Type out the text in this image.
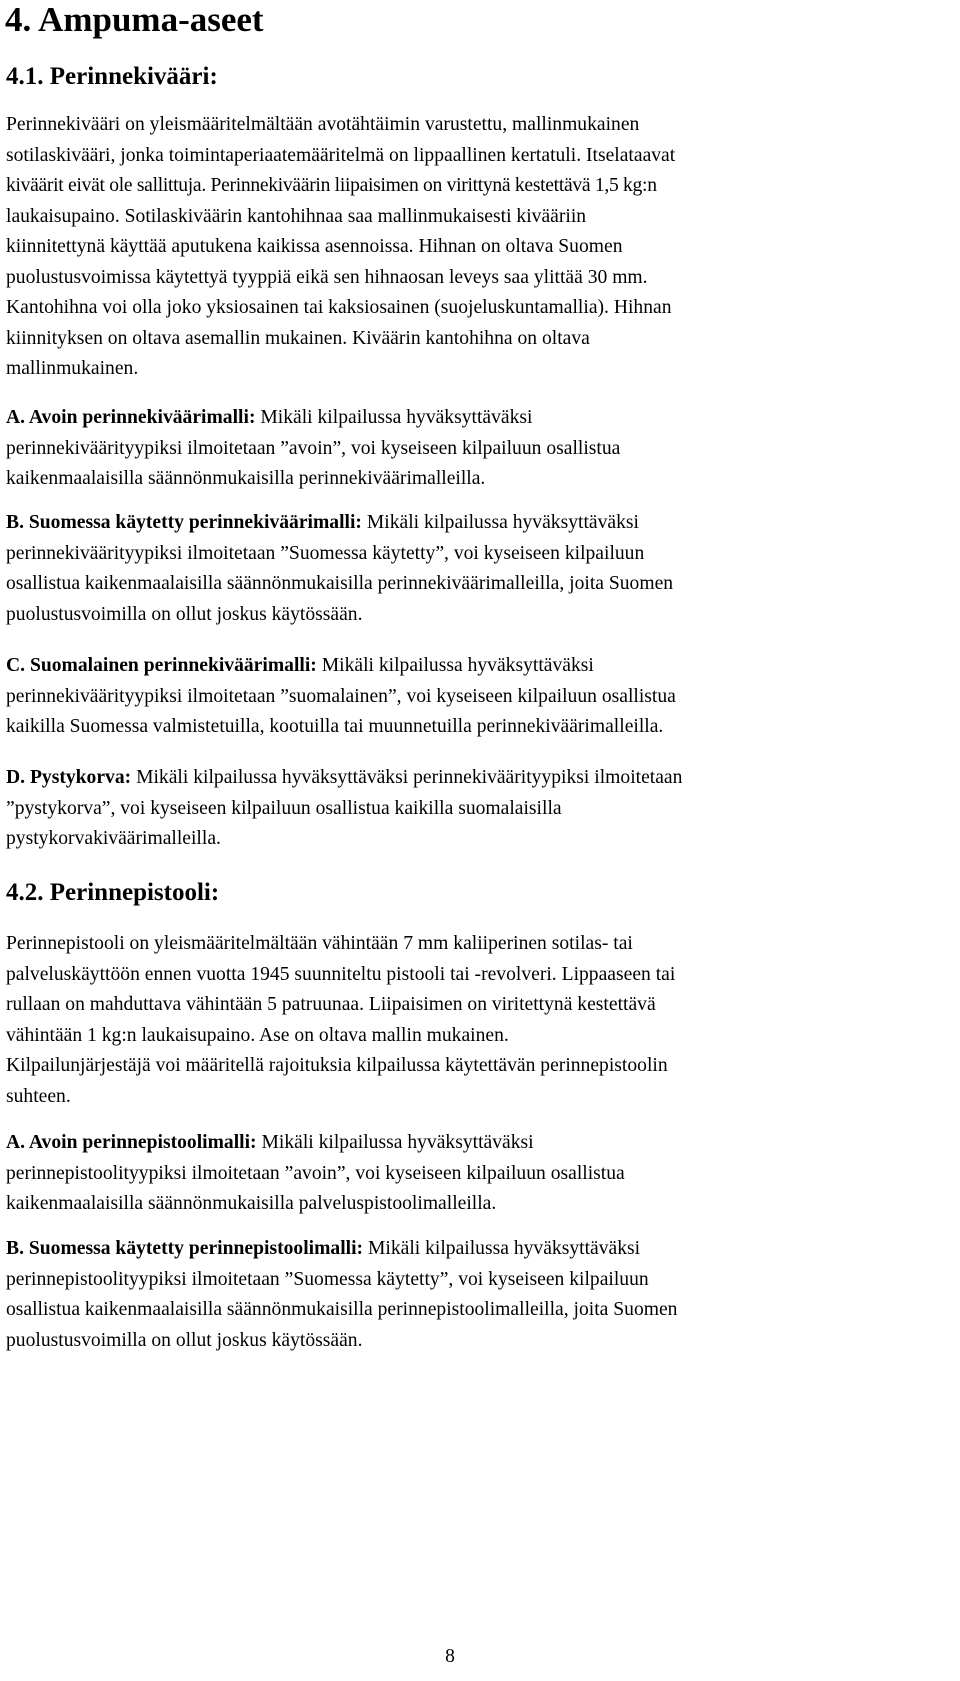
4. Ampuma-aseet
4.1. Perinnekivääri:
Perinnekivääri on yleismääritelmältään avotähtäimin varustettu, mallinmukainen
sotilaskivääri, jonka toimintaperiaatemääritelmä on lippaallinen kertatuli. Itselataavat
kiväärit eivät ole sallittuja. Perinnekiväärin liipaisimen on virittynä kestettävä 1,5 kg:n
laukaisupaino. Sotilaskiväärin kantohihnaa saa mallinmukaisesti kivääriin
kiinnitettynä käyttää aputukena kaikissa asennoissa. Hihnan on oltava Suomen
puolustusvoimissa käytettyä tyyppiä eikä sen hihnaosan leveys saa ylittää 30 mm.
Kantohihna voi olla joko yksiosainen tai kaksiosainen (suojeluskuntamallia). Hihnan
kiinnityksen on oltava asemallin mukainen. Kiväärin kantohihna on oltava
mallinmukainen.
A. Avoin perinnekiväärimalli: Mikäli kilpailussa hyväksyttäväksi
perinnekiväärityypiksi ilmoitetaan ”avoin”, voi kyseiseen kilpailuun osallistua
kaikenmaalaisilla säännönmukaisilla perinnekiväärimalleilla.
B. Suomessa käytetty perinnekiväärimalli: Mikäli kilpailussa hyväksyttäväksi
perinnekiväärityypiksi ilmoitetaan ”Suomessa käytetty”, voi kyseiseen kilpailuun
osallistua kaikenmaalaisilla säännönmukaisilla perinnekiväärimalleilla, joita Suomen
puolustusvoimilla on ollut joskus käytössään.
C. Suomalainen perinnekiväärimalli: Mikäli kilpailussa hyväksyttäväksi
perinnekiväärityypiksi ilmoitetaan ”suomalainen”, voi kyseiseen kilpailuun osallistua
kaikilla Suomessa valmistetuilla, kootuilla tai muunnetuilla perinnekiväärimalleilla.
D. Pystykorva: Mikäli kilpailussa hyväksyttäväksi perinnekiväärityypiksi ilmoitetaan
”pystykorva”, voi kyseiseen kilpailuun osallistua kaikilla suomalaisilla
pystykorvakiväärimalleilla.
4.2. Perinnepistooli:
Perinnepistooli on yleismääritelmältään vähintään 7 mm kaliiperinen sotilas- tai
palveluskäyttöön ennen vuotta 1945 suunniteltu pistooli tai -revolveri. Lippaaseen tai
rullaan on mahduttava vähintään 5 patruunaa. Liipaisimen on viritettynä kestettävä
vähintään 1 kg:n laukaisupaino. Ase on oltava mallin mukainen.
Kilpailunjärjestäjä voi määritellä rajoituksia kilpailussa käytettävän perinnepistoolin
suhteen.
A. Avoin perinnepistoolimalli: Mikäli kilpailussa hyväksyttäväksi
perinnepistoolityypiksi ilmoitetaan ”avoin”, voi kyseiseen kilpailuun osallistua
kaikenmaalaisilla säännönmukaisilla palveluspistoolimalleilla.
B. Suomessa käytetty perinnepistoolimalli: Mikäli kilpailussa hyväksyttäväksi
perinnepistoolityypiksi ilmoitetaan ”Suomessa käytetty”, voi kyseiseen kilpailuun
osallistua kaikenmaalaisilla säännönmukaisilla perinnepistoolimalleilla, joita Suomen
puolustusvoimilla on ollut joskus käytössään.
8
